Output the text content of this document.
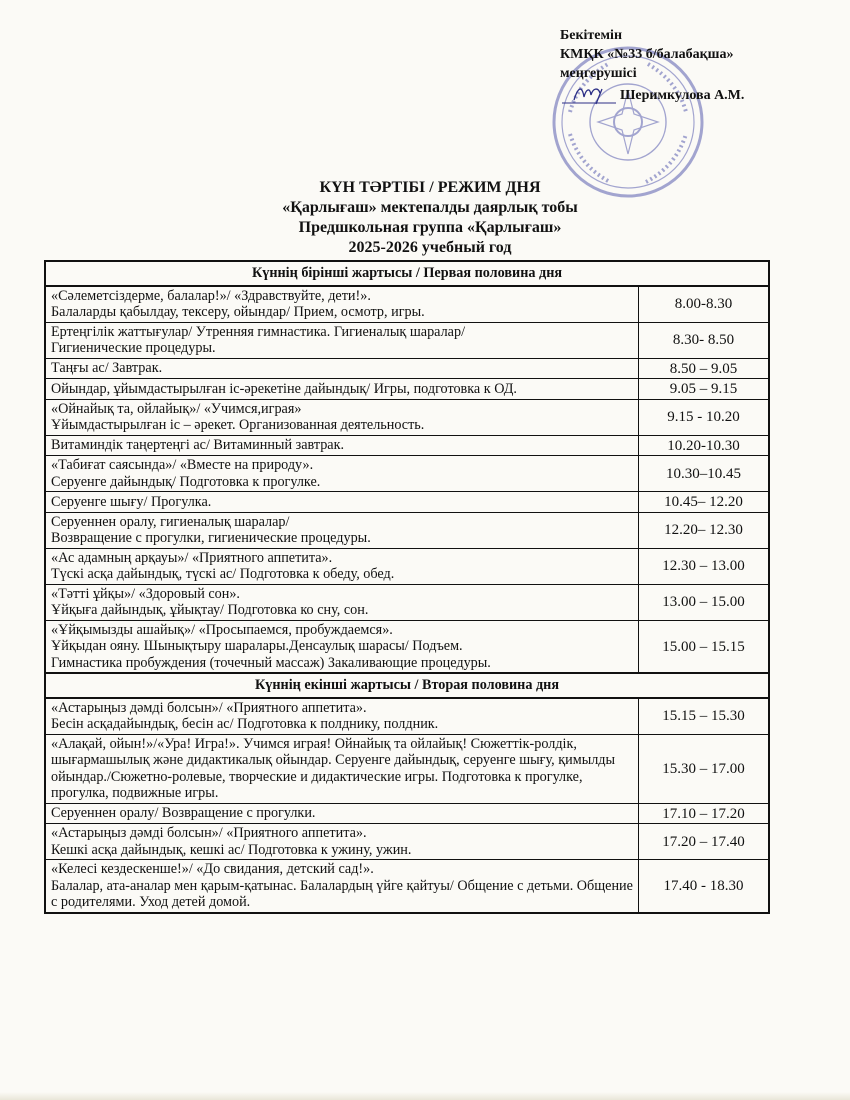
Бекітемін
КМҚК «№33 б/балабақша»
меңгерушісі
Шеримкулова А.М.
КҮН ТӘРТІБІ / РЕЖИМ ДНЯ
«Қарлығаш» мектепалды даярлық тобы
Предшкольная группа «Қарлығаш»
2025-2026 учебный год
Күннің бірінші жартысы / Первая половина дня	

«Сәлеметсіздерме, балалар!»/ «Здравствуйте, дети!».
Балаларды қабылдау, тексеру, ойындар/ Прием, осмотр, игры.	8.00-8.30

Ертеңгілік жаттығулар/ Утренняя гимнастика. Гигиеналық шаралар/
Гигиенические процедуры.	8.30- 8.50

Таңғы ас/ Завтрак.	8.50 – 9.05

Ойындар, ұйымдастырылған іс-әрекетіне дайындық/ Игры, подготовка к ОД.	9.05 – 9.15

«Ойнайық та, ойлайық»/ «Учимся,играя»
Ұйымдастырылған іс – әрекет. Организованная деятельность.	9.15 - 10.20

Витаминдік таңертеңгі ас/ Витаминный завтрак.	10.20-10.30

«Табиғат саясында»/ «Вместе на природу».
Серуенге дайындық/ Подготовка к прогулке.	10.30–10.45

Серуенге шығу/ Прогулка.	10.45– 12.20

Серуеннен оралу, гигиеналық шаралар/
Возвращение с прогулки, гигиенические процедуры.	12.20– 12.30

«Ас адамның арқауы»/ «Приятного аппетита».
Түскі асқа дайындық, түскі ас/ Подготовка к обеду, обед.	12.30 – 13.00

«Тәтті ұйқы»/ «Здоровый сон».
Ұйқыға дайындық, ұйықтау/ Подготовка ко сну, сон.	13.00 – 15.00

«Ұйқымызды ашайық»/ «Просыпаемся, пробуждаемся».
Ұйқыдан ояну. Шынықтыру шаралары.Денсаулық шарасы/ Подъем.
Гимнастика пробуждения (точечный массаж) Закаливающие процедуры.	15.00 – 15.15
Күннің екінші жартысы / Вторая половина дня	

«Астарыңыз дәмді болсын»/ «Приятного аппетита».
Бесін асқадайындық, бесін ас/ Подготовка к полднику, полдник.	15.15 – 15.30

«Алақай, ойын!»/«Ура! Игра!». Учимся играя! Ойнайық та ойлайық! Сюжеттік-ролдік, шығармашылық және дидактикалық ойындар. Серуенге дайындық, серуенге шығу, қимылды ойындар./Сюжетно-ролевые, творческие и дидактические игры. Подготовка к прогулке, прогулка, подвижные игры.	15.30 – 17.00

Серуеннен оралу/ Возвращение с прогулки.	17.10 – 17.20

«Астарыңыз дәмді болсын»/ «Приятного аппетита».
Кешкі асқа дайындық, кешкі ас/ Подготовка к ужину, ужин.	17.20 – 17.40

«Келесі кездескенше!»/ «До свидания, детский сад!».
Балалар, ата-аналар мен қарым-қатынас. Балалардың үйге қайтуы/ Общение с детьми. Общение с родителями. Уход детей домой.	17.40 - 18.30
